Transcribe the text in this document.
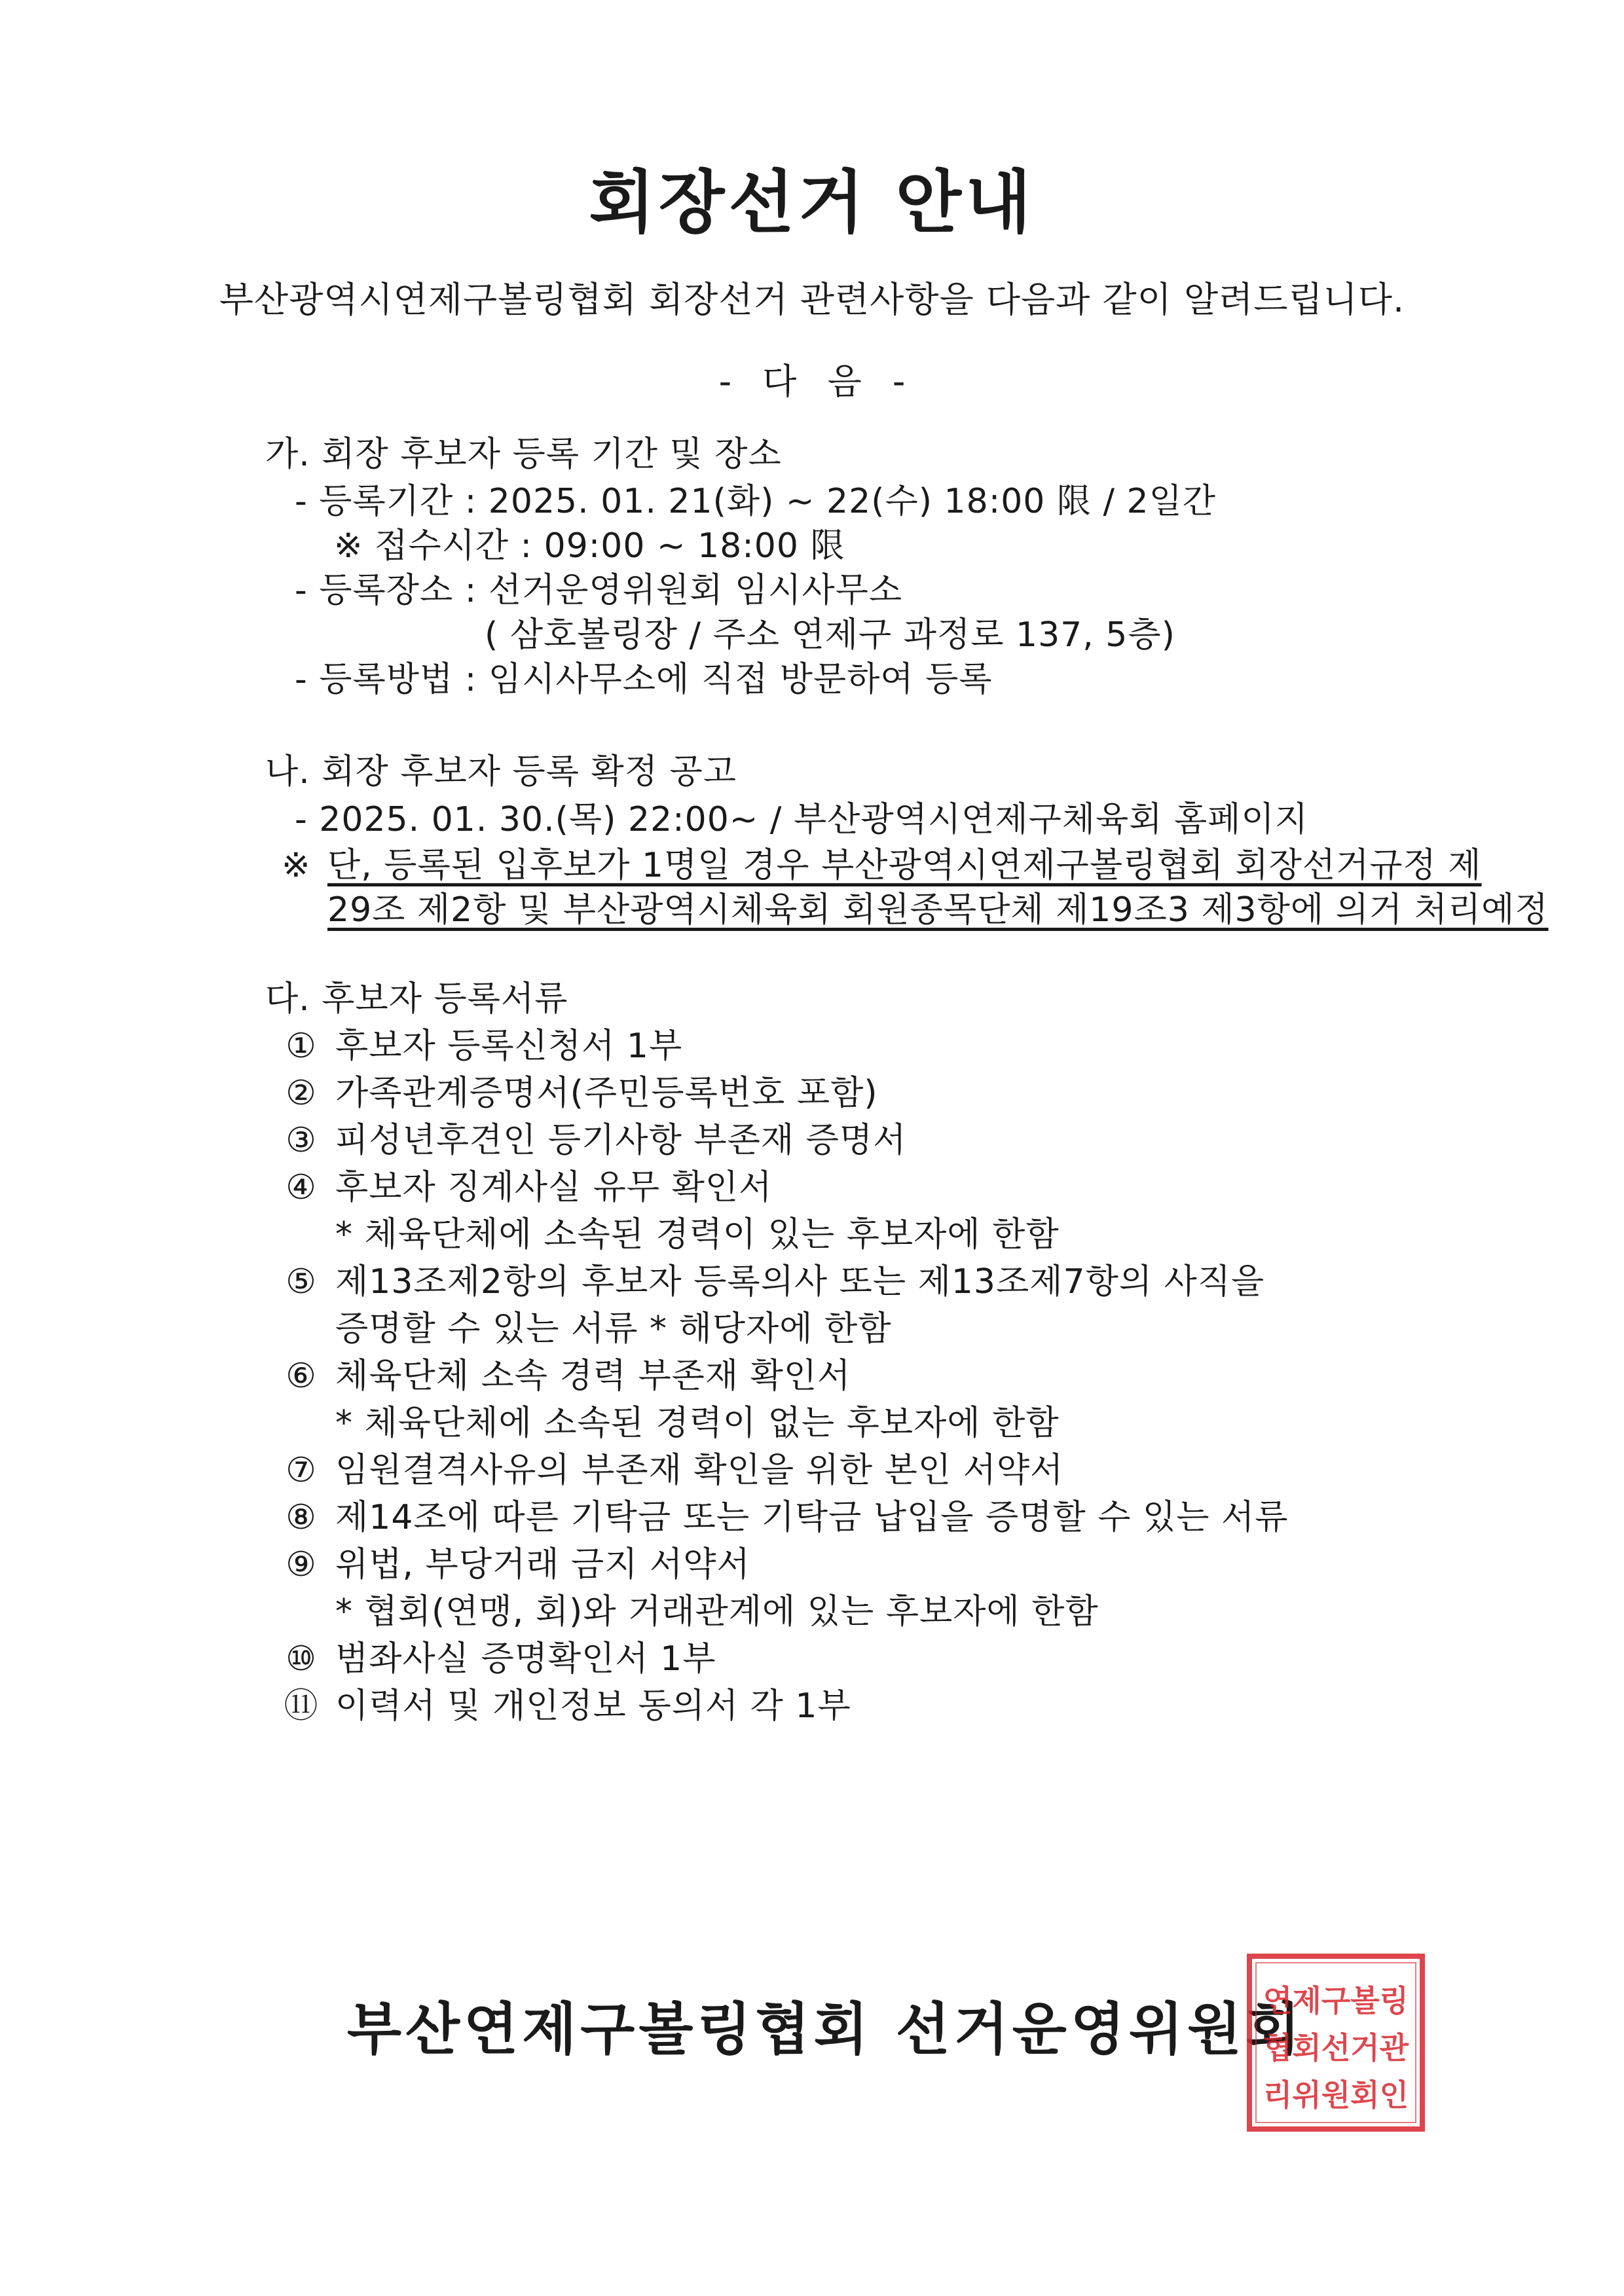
회장선거 안내
부산광역시연제구볼링협회 회장선거 관련사항을 다음과 같이 알려드립니다.
- 다 음 -
가. 회장 후보자 등록 기간 및 장소
- 등록기간 : 2025. 01. 21(화) ~ 22(수) 18:00 限 / 2일간
※ 접수시간 : 09:00 ~ 18:00 限
- 등록장소 : 선거운영위원회 임시사무소
( 삼호볼링장 / 주소 연제구 과정로 137, 5층)
- 등록방법 : 임시사무소에 직접 방문하여 등록
나. 회장 후보자 등록 확정 공고
- 2025. 01. 30.(목) 22:00~ / 부산광역시연제구체육회 홈페이지
※ 단, 등록된 입후보가 1명일 경우 부산광역시연제구볼링협회 회장선거규정 제
29조 제2항 및 부산광역시체육회 회원종목단체 제19조3 제3항에 의거 처리예정
다. 후보자 등록서류
① 후보자 등록신청서 1부
② 가족관계증명서(주민등록번호 포함)
③ 피성년후견인 등기사항 부존재 증명서
④ 후보자 징계사실 유무 확인서
* 체육단체에 소속된 경력이 있는 후보자에 한함
⑤ 제13조제2항의 후보자 등록의사 또는 제13조제7항의 사직을
증명할 수 있는 서류 * 해당자에 한함
⑥ 체육단체 소속 경력 부존재 확인서
* 체육단체에 소속된 경력이 없는 후보자에 한함
⑦ 임원결격사유의 부존재 확인을 위한 본인 서약서
⑧ 제14조에 따른 기탁금 또는 기탁금 납입을 증명할 수 있는 서류
⑨ 위법, 부당거래 금지 서약서
* 협회(연맹, 회)와 거래관계에 있는 후보자에 한함
⑩ 범좌사실 증명확인서 1부
⑪ 이력서 및 개인정보 동의서 각 1부
부산연제구볼링협회 선거운영위원회
연제구볼링
협회선거관
리위원회인
